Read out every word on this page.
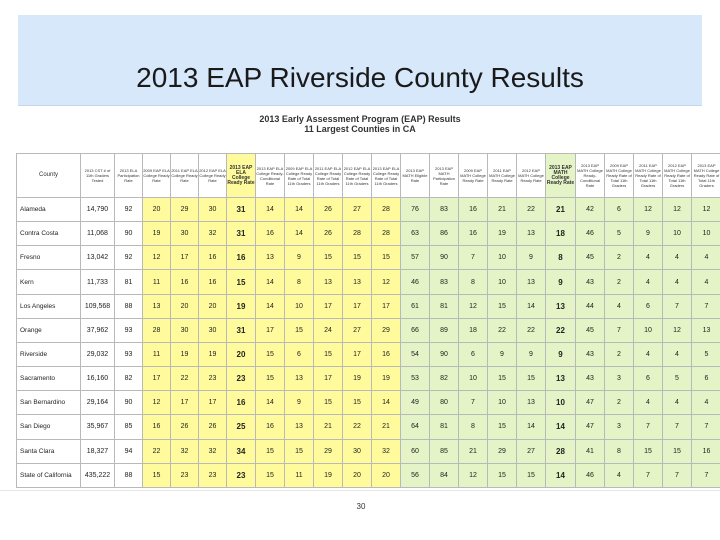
2013 EAP Riverside County Results
2013 Early Assessment Program (EAP) Results
11 Largest Counties in CA
County	2013 CST # of 11th Graders Tested	2013 ELA Participation Rate	2009 EAP ELA College Ready Rate	2011 EAP ELA College Ready Rate	2012 EAP ELA College Ready Rate	2013 EAP ELA College Ready Rate	2013 EAP ELA College Ready-Conditional Rate	2009 EAP ELA College Ready Rate of Total 11th Graders	2011 EAP ELA College Ready Rate of Total 11th Graders	2012 EAP ELA College Ready Rate of Total 11th Graders	2013 EAP ELA College Ready Rate of Total 11th Graders	2013 EAP MATH Eligible Rate	2013 EAP MATH Participation Rate	2009 EAP MATH College Ready Rate	2011 EAP MATH College Ready Rate	2012 EAP MATH College Ready Rate	2013 EAP MATH College Ready Rate	2013 EAP MATH College Ready-Conditional Rate	2009 EAP MATH College Ready Rate of Total 11th Graders	2011 EAP MATH College Ready Rate of Total 11th Graders	2012 EAP MATH College Ready Rate of Total 11th Graders	2013 EAP MATH College Ready Rate of Total 11th Graders
Alameda	14,790	92	20	29	30	31	14	14	26	27	28	76	83	16	21	22	21	42	6	12	12	12
Contra Costa	11,068	90	19	30	32	31	16	14	26	28	28	63	86	16	19	13	18	46	5	9	10	10
Fresno	13,042	92	12	17	16	16	13	9	15	15	15	57	90	7	10	9	8	45	2	4	4	4
Kern	11,733	81	11	16	16	15	14	8	13	13	12	46	83	8	10	13	9	43	2	4	4	4
Los Angeles	109,568	88	13	20	20	19	14	10	17	17	17	61	81	12	15	14	13	44	4	6	7	7
Orange	37,962	93	28	30	30	31	17	15	24	27	29	66	89	18	22	22	22	45	7	10	12	13
Riverside	29,032	93	11	19	19	20	15	6	15	17	16	54	90	6	9	9	9	43	2	4	4	5
Sacramento	16,160	82	17	22	23	23	15	13	17	19	19	53	82	10	15	15	13	43	3	6	5	6
San Bernardino	29,164	90	12	17	17	16	14	9	15	15	14	49	80	7	10	13	10	47	2	4	4	4
San Diego	35,967	85	16	26	26	25	16	13	21	22	21	64	81	8	15	14	14	47	3	7	7	7
Santa Clara	18,327	94	22	32	32	34	15	15	29	30	32	60	85	21	29	27	28	41	8	15	15	16
State of California	435,222	88	15	23	23	23	15	11	19	20	20	56	84	12	15	15	14	46	4	7	7	7
30
